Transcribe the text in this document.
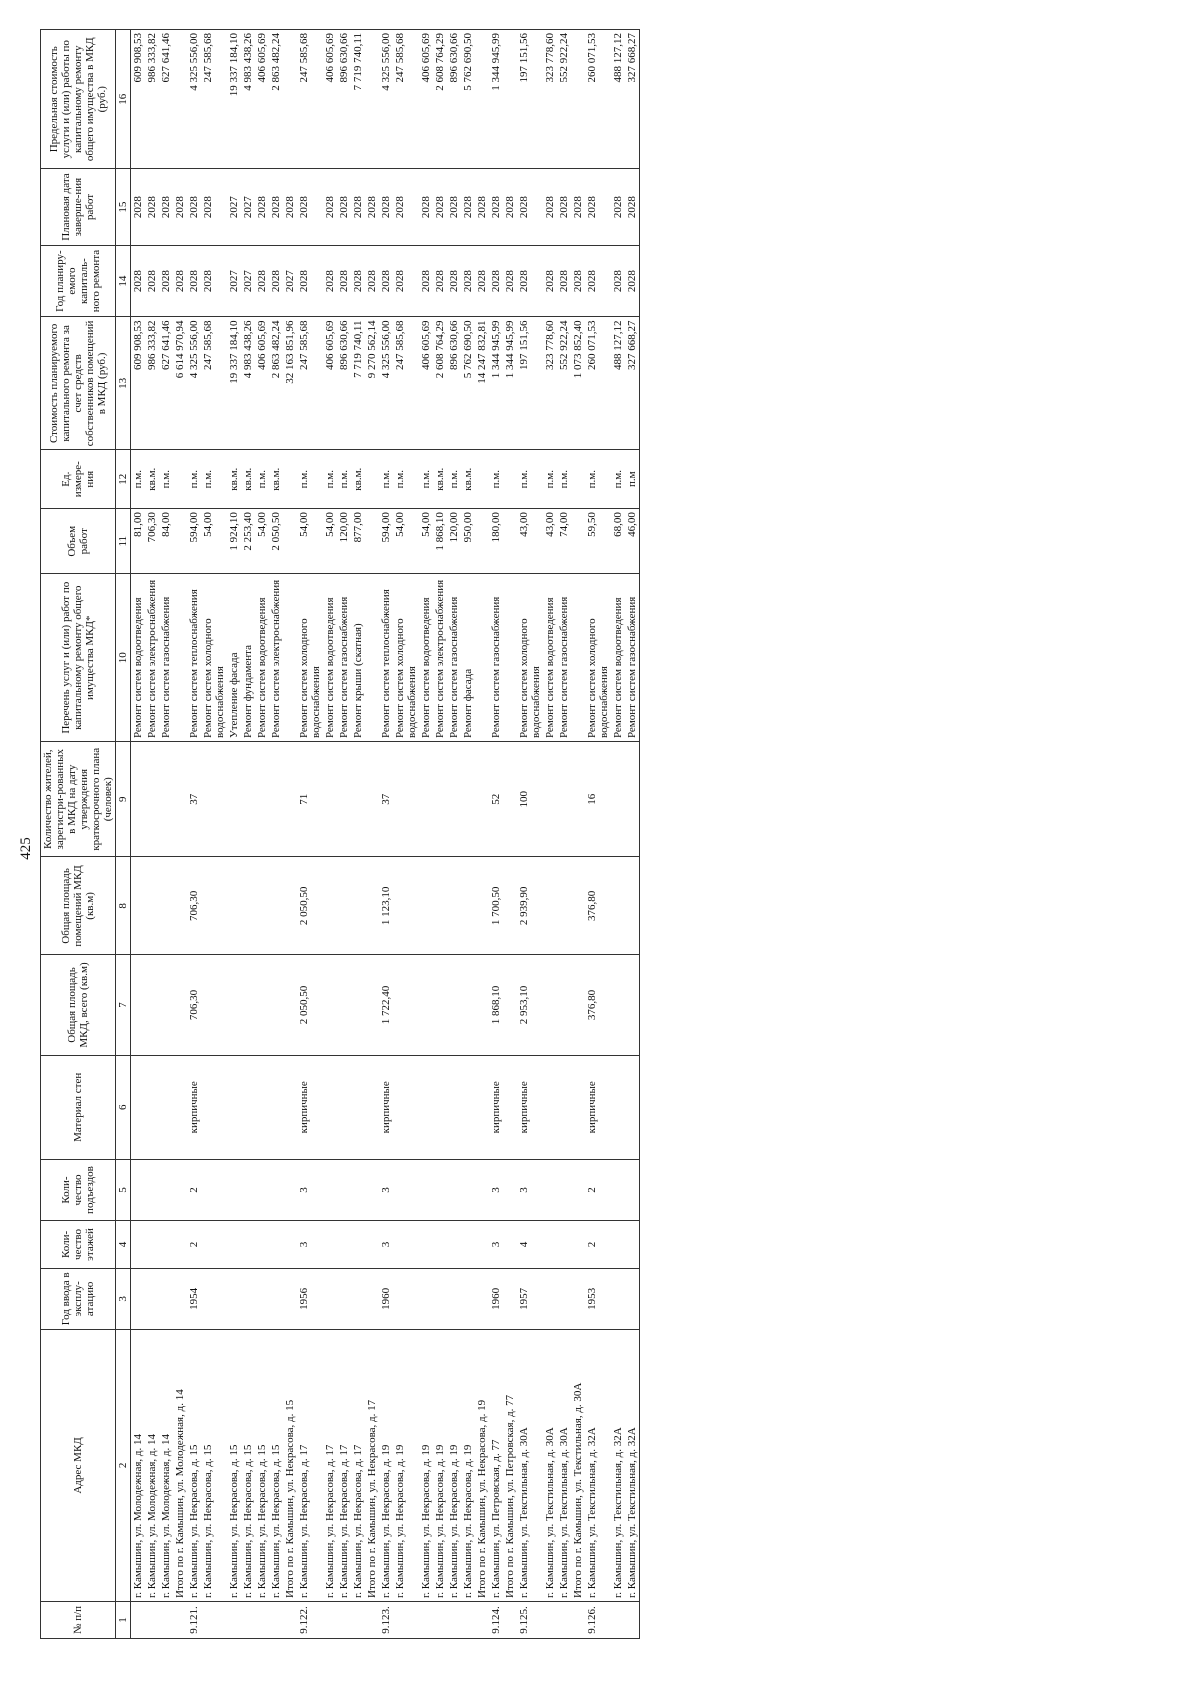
425
№ п/п	Адрес МКД	Год ввода в эксплу-атацию	Коли-чество этажей	Коли-чество подъездов	Материал стен	Общая площадь МКД, всего (кв.м)	Общая площадь помещений МКД (кв.м)	Количество жителей, зарегистри-рованных в МКД на дату утверждения краткосрочного плана (человек)	Перечень услуг и (или) работ по капитальному ремонту общего имущества МКД*	Объем работ	Ед. измере-ния	Стоимость планируемого капитального ремонта за счет средств собственников помещений в МКД (руб.)	Год планиру-емого капиталь-ного ремонта	Плановая дата заверше-ния работ	Предельная стоимость услуги и (или) работы по капитальному ремонту общего имущества в МКД (руб.)
1	2	3	4	5	6	7	8	9	10	11	12	13	14	15	16
	г. Камышин, ул. Молодежная, д. 14								Ремонт систем водоотведения	81,00	п.м.	609 908,53	2028	2028	609 908,53
	г. Камышин, ул. Молодежная, д. 14								Ремонт систем электроснабжения	706,30	кв.м.	986 333,82	2028	2028	986 333,82
	г. Камышин, ул. Молодежная, д. 14								Ремонт систем газоснабжения	84,00	п.м.	627 641,46	2028	2028	627 641,46
	Итого по г. Камышин, ул. Молодежная, д. 14											6 614 970,94	2028	2028	
9.121.	г. Камышин, ул. Некрасова, д. 15	1954	2	2	кирпичные	706,30	706,30	37	Ремонт систем теплоснабжения	594,00	п.м.	4 325 556,00	2028	2028	4 325 556,00
	г. Камышин, ул. Некрасова, д. 15								Ремонт систем холодного водоснабжения	54,00	п.м.	247 585,68	2028	2028	247 585,68
	г. Камышин, ул. Некрасова, д. 15								Утепление фасада	1 924,10	кв.м.	19 337 184,10	2027	2027	19 337 184,10
	г. Камышин, ул. Некрасова, д. 15								Ремонт фундамента	2 253,40	кв.м.	4 983 438,26	2027	2027	4 983 438,26
	г. Камышин, ул. Некрасова, д. 15								Ремонт систем водоотведения	54,00	п.м.	406 605,69	2028	2028	406 605,69
	г. Камышин, ул. Некрасова, д. 15								Ремонт систем электроснабжения	2 050,50	кв.м.	2 863 482,24	2028	2028	2 863 482,24
	Итого по г. Камышин, ул. Некрасова, д. 15											32 163 851,96	2027	2028	
9.122.	г. Камышин, ул. Некрасова, д. 17	1956	3	3	кирпичные	2 050,50	2 050,50	71	Ремонт систем холодного водоснабжения	54,00	п.м.	247 585,68	2028	2028	247 585,68
	г. Камышин, ул. Некрасова, д. 17								Ремонт систем водоотведения	54,00	п.м.	406 605,69	2028	2028	406 605,69
	г. Камышин, ул. Некрасова, д. 17								Ремонт систем газоснабжения	120,00	п.м.	896 630,66	2028	2028	896 630,66
	г. Камышин, ул. Некрасова, д. 17								Ремонт крыши (скатная)	877,00	кв.м.	7 719 740,11	2028	2028	7 719 740,11
	Итого по г. Камышин, ул. Некрасова, д. 17											9 270 562,14	2028	2028	
9.123.	г. Камышин, ул. Некрасова, д. 19	1960	3	3	кирпичные	1 722,40	1 123,10	37	Ремонт систем теплоснабжения	594,00	п.м.	4 325 556,00	2028	2028	4 325 556,00
	г. Камышин, ул. Некрасова, д. 19								Ремонт систем холодного водоснабжения	54,00	п.м.	247 585,68	2028	2028	247 585,68
	г. Камышин, ул. Некрасова, д. 19								Ремонт систем водоотведения	54,00	п.м.	406 605,69	2028	2028	406 605,69
	г. Камышин, ул. Некрасова, д. 19								Ремонт систем электроснабжения	1 868,10	кв.м.	2 608 764,29	2028	2028	2 608 764,29
	г. Камышин, ул. Некрасова, д. 19								Ремонт систем газоснабжения	120,00	п.м.	896 630,66	2028	2028	896 630,66
	г. Камышин, ул. Некрасова, д. 19								Ремонт фасада	950,00	кв.м.	5 762 690,50	2028	2028	5 762 690,50
	Итого по г. Камышин, ул. Некрасова, д. 19											14 247 832,81	2028	2028	
9.124.	г. Камышин, ул. Петровская, д. 77	1960	3	3	кирпичные	1 868,10	1 700,50	52	Ремонт систем газоснабжения	180,00	п.м.	1 344 945,99	2028	2028	1 344 945,99
	Итого по г. Камышин, ул. Петровская, д. 77											1 344 945,99	2028	2028	
9.125.	г. Камышин, ул. Текстильная, д. 30А	1957	4	3	кирпичные	2 953,10	2 939,90	100	Ремонт систем холодного водоснабжения	43,00	п.м.	197 151,56	2028	2028	197 151,56
	г. Камышин, ул. Текстильная, д. 30А								Ремонт систем водоотведения	43,00	п.м.	323 778,60	2028	2028	323 778,60
	г. Камышин, ул. Текстильная, д. 30А								Ремонт систем газоснабжения	74,00	п.м.	552 922,24	2028	2028	552 922,24
	Итого по г. Камышин, ул. Текстильная, д. 30А											1 073 852,40	2028	2028	
9.126.	г. Камышин, ул. Текстильная, д. 32А	1953	2	2	кирпичные	376,80	376,80	16	Ремонт систем холодного водоснабжения	59,50	п.м.	260 071,53	2028	2028	260 071,53
	г. Камышин, ул. Текстильная, д. 32А								Ремонт систем водоотведения	68,00	п.м.	488 127,12	2028	2028	488 127,12
	г. Камышин, ул. Текстильная, д. 32А								Ремонт систем газоснабжения	46,00	п.м	327 668,27	2028	2028	327 668,27
